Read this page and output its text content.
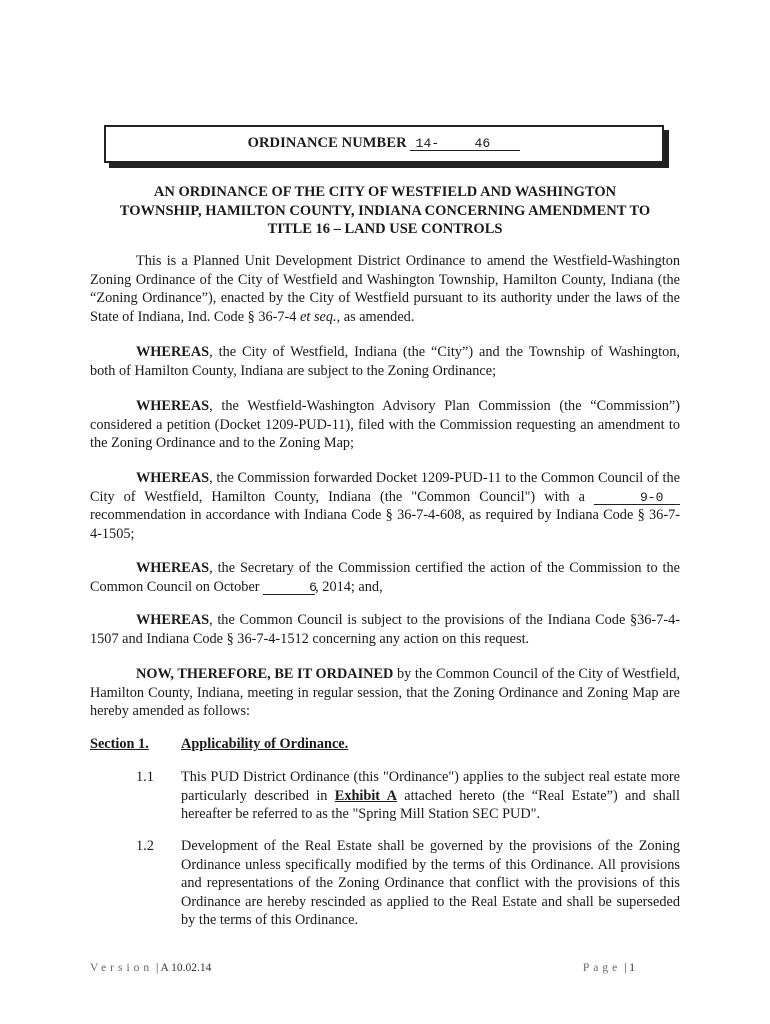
ORDINANCE NUMBER 14-	46
AN ORDINANCE OF THE CITY OF WESTFIELD AND WASHINGTON
TOWNSHIP, HAMILTON COUNTY, INDIANA CONCERNING AMENDMENT TO
TITLE 16 – LAND USE CONTROLS
This is a Planned Unit Development District Ordinance to amend the Westfield-Washington Zoning Ordinance of the City of Westfield and Washington Township, Hamilton County, Indiana (the “Zoning Ordinance”), enacted by the City of Westfield pursuant to its authority under the laws of the State of Indiana, Ind. Code § 36-7-4 et seq., as amended.
WHEREAS, the City of Westfield, Indiana (the “City”) and the Township of Washington, both of Hamilton County, Indiana are subject to the Zoning Ordinance;
WHEREAS, the Westfield-Washington Advisory Plan Commission (the “Commission”) considered a petition (Docket 1209-PUD-11), filed with the Commission requesting an amendment to the Zoning Ordinance and to the Zoning Map;
WHEREAS, the Commission forwarded Docket 1209-PUD-11 to the Common Council of the City of Westfield, Hamilton County, Indiana (the "Common Council") with a	9-0 recommendation in accordance with Indiana Code § 36-7-4-608, as required by Indiana Code § 36-7-4-1505;
WHEREAS, the Secretary of the Commission certified the action of the Commission to the Common Council on October	6, 2014; and,
WHEREAS, the Common Council is subject to the provisions of the Indiana Code §36-7-4-1507 and Indiana Code § 36-7-4-1512 concerning any action on this request.
NOW, THEREFORE, BE IT ORDAINED by the Common Council of the City of Westfield, Hamilton County, Indiana, meeting in regular session, that the Zoning Ordinance and Zoning Map are hereby amended as follows:
Section 1. Applicability of Ordinance.
1.1 This PUD District Ordinance (this "Ordinance") applies to the subject real estate more particularly described in Exhibit A attached hereto (the “Real Estate”) and shall hereafter be referred to as the "Spring Mill Station SEC PUD".
1.2 Development of the Real Estate shall be governed by the provisions of the Zoning Ordinance unless specifically modified by the terms of this Ordinance. All provisions and representations of the Zoning Ordinance that conflict with the provisions of this Ordinance are hereby rescinded as applied to the Real Estate and shall be superseded by the terms of this Ordinance.
Version | A 10.02.14	Page | 1
